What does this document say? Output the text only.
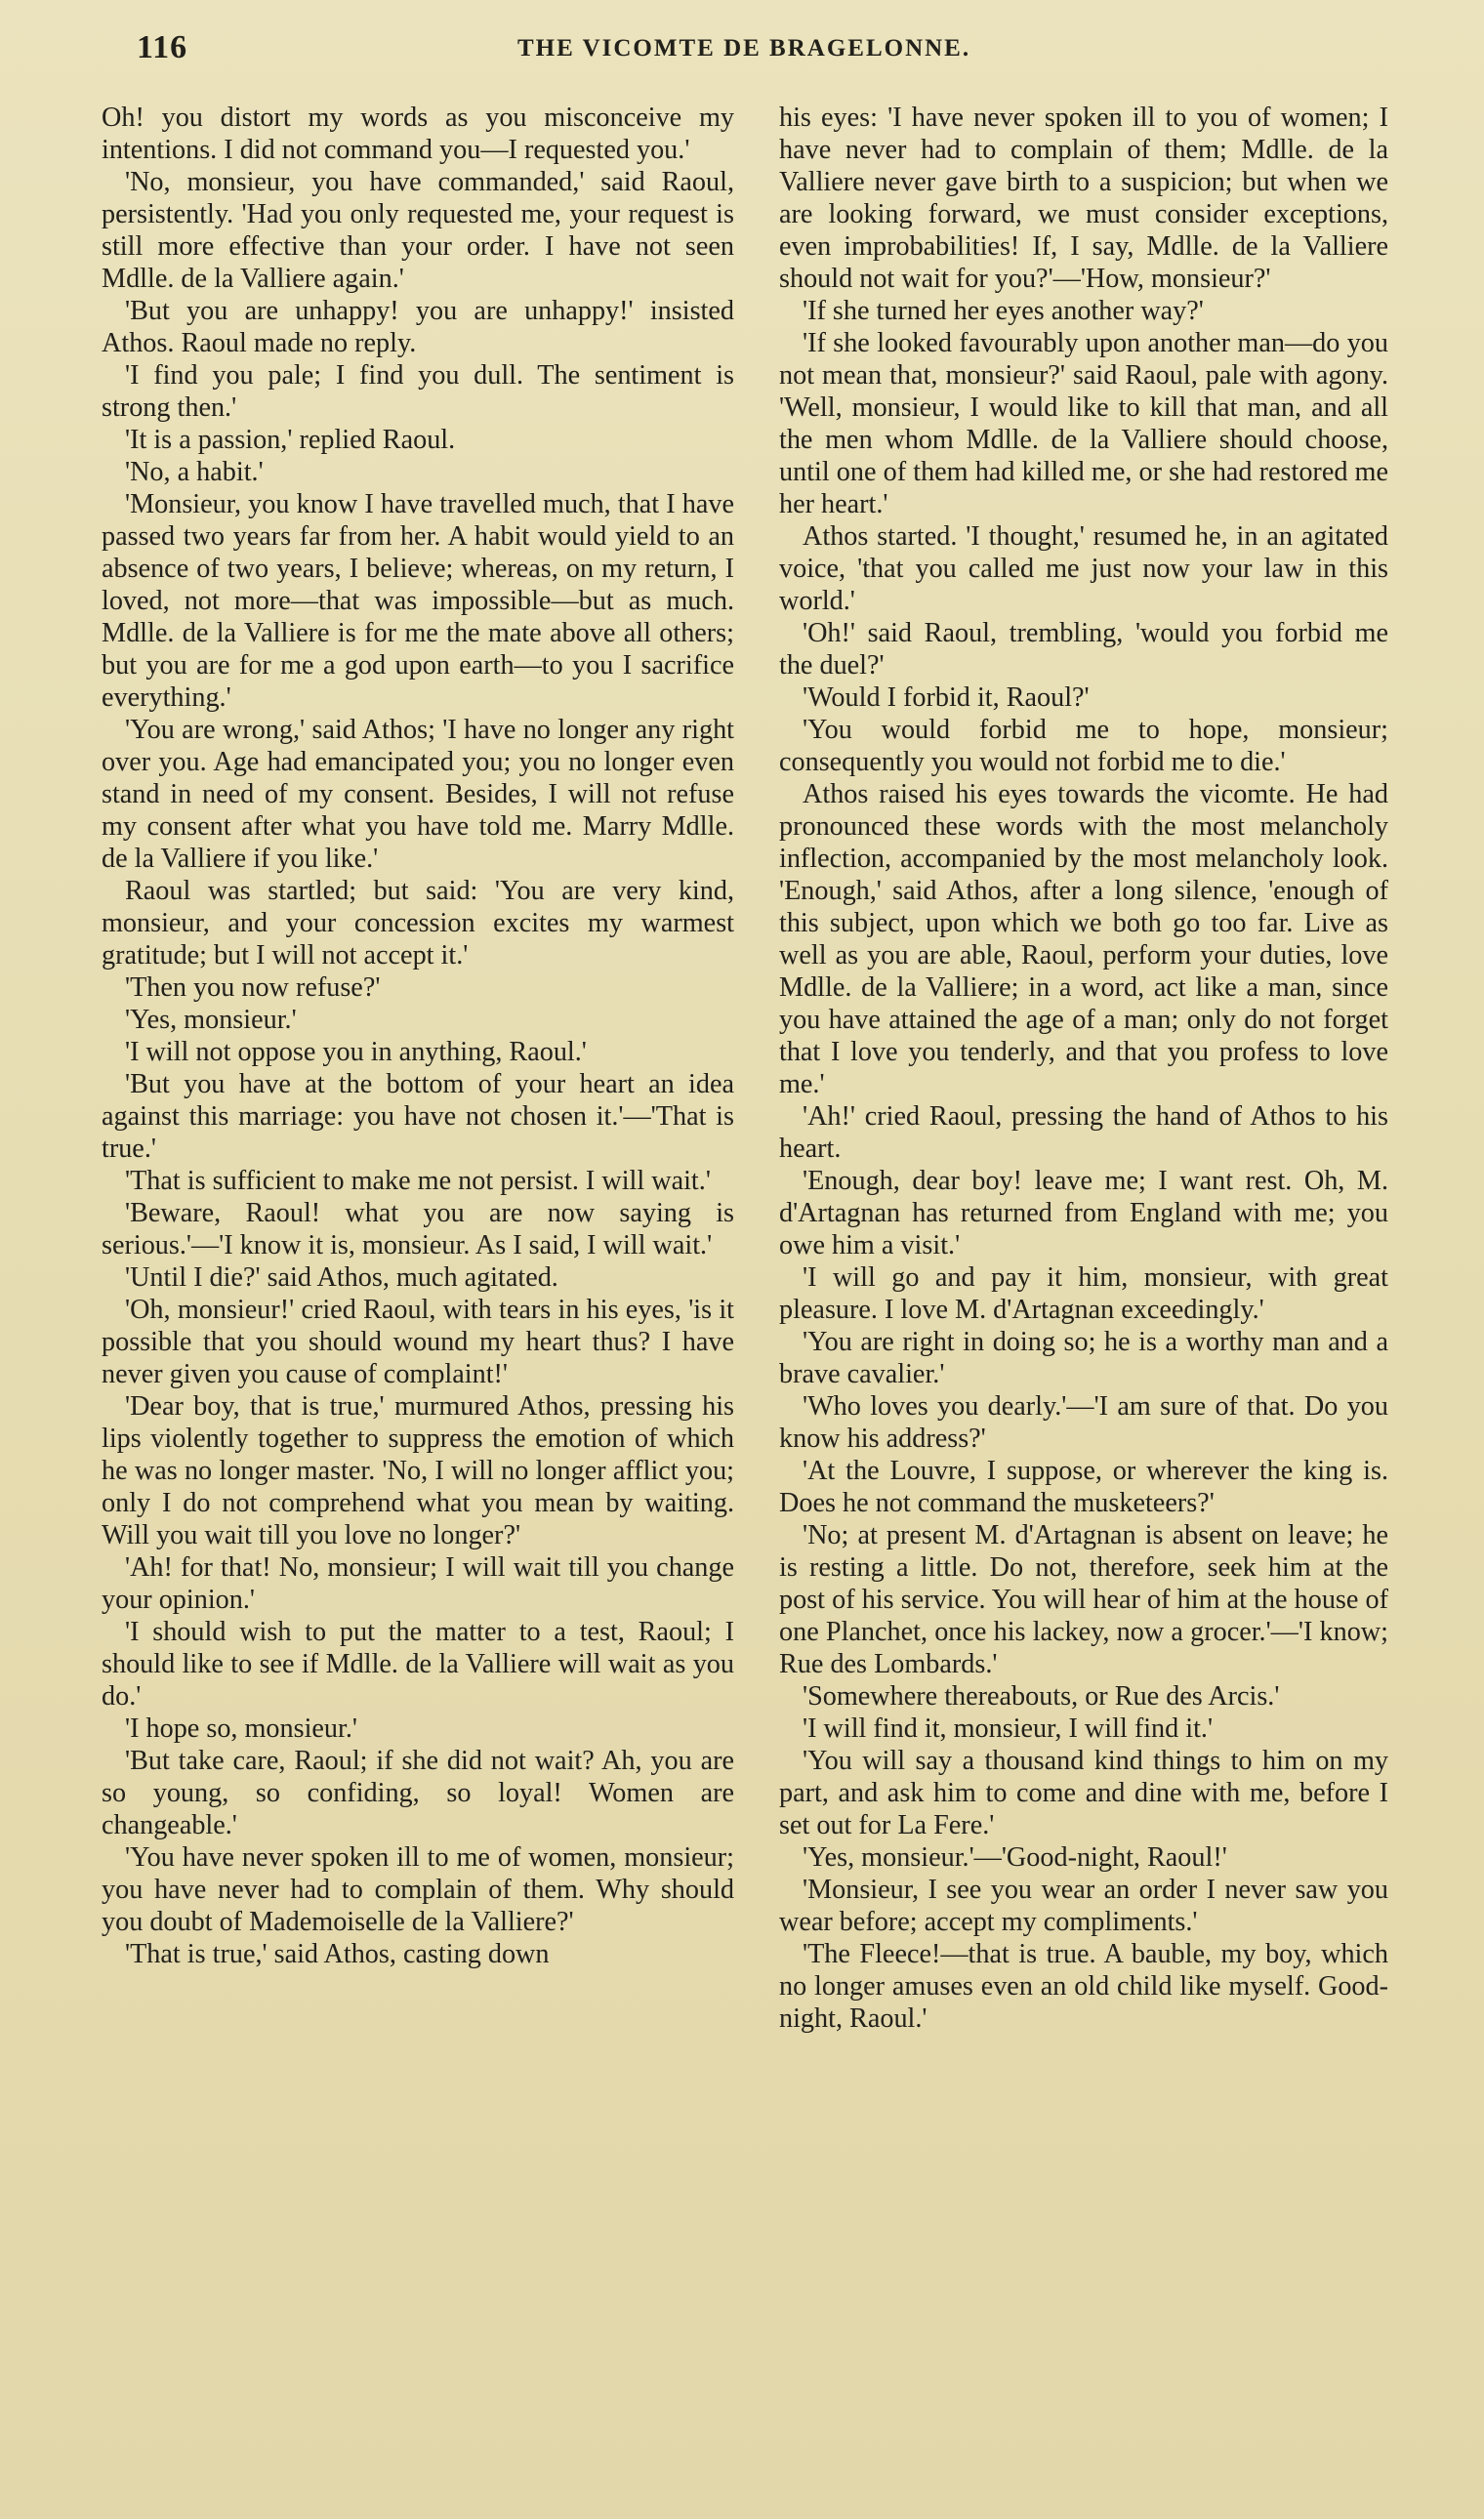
116	THE VICOMTE DE BRAGELONNE.

Oh! you distort my words as you misconceive my intentions. I did not command you—I requested you.'

'No, monsieur, you have commanded,' said Raoul, persistently. 'Had you only requested me, your request is still more effective than your order. I have not seen Mdlle. de la Valliere again.'

'But you are unhappy! you are unhappy!' insisted Athos. Raoul made no reply.

'I find you pale; I find you dull. The sentiment is strong then.'

'It is a passion,' replied Raoul.

'No, a habit.'

'Monsieur, you know I have travelled much, that I have passed two years far from her. A habit would yield to an absence of two years, I believe; whereas, on my return, I loved, not more—that was impossible—but as much. Mdlle. de la Valliere is for me the mate above all others; but you are for me a god upon earth—to you I sacrifice everything.'

'You are wrong,' said Athos; 'I have no longer any right over you. Age had emancipated you; you no longer even stand in need of my consent. Besides, I will not refuse my consent after what you have told me. Marry Mdlle. de la Valliere if you like.'

Raoul was startled; but said: 'You are very kind, monsieur, and your concession excites my warmest gratitude; but I will not accept it.'

'Then you now refuse?'

'Yes, monsieur.'

'I will not oppose you in anything, Raoul.'

'But you have at the bottom of your heart an idea against this marriage: you have not chosen it.'—'That is true.'

'That is sufficient to make me not persist. I will wait.'

'Beware, Raoul! what you are now saying is serious.'—'I know it is, monsieur. As I said, I will wait.'

'Until I die?' said Athos, much agitated.

'Oh, monsieur!' cried Raoul, with tears in his eyes, 'is it possible that you should wound my heart thus? I have never given you cause of complaint!'

'Dear boy, that is true,' murmured Athos, pressing his lips violently together to suppress the emotion of which he was no longer master. 'No, I will no longer afflict you; only I do not comprehend what you mean by waiting. Will you wait till you love no longer?'

'Ah! for that! No, monsieur; I will wait till you change your opinion.'

'I should wish to put the matter to a test, Raoul; I should like to see if Mdlle. de la Valliere will wait as you do.'

'I hope so, monsieur.'

'But take care, Raoul; if she did not wait? Ah, you are so young, so confiding, so loyal! Women are changeable.'

'You have never spoken ill to me of women, monsieur; you have never had to complain of them. Why should you doubt of Mademoiselle de la Valliere?'

'That is true,' said Athos, casting down

his eyes: 'I have never spoken ill to you of women; I have never had to complain of them; Mdlle. de la Valliere never gave birth to a suspicion; but when we are looking forward, we must consider exceptions, even improbabilities! If, I say, Mdlle. de la Valliere should not wait for you?'—'How, monsieur?'

'If she turned her eyes another way?'

'If she looked favourably upon another man—do you not mean that, monsieur?' said Raoul, pale with agony. 'Well, monsieur, I would like to kill that man, and all the men whom Mdlle. de la Valliere should choose, until one of them had killed me, or she had restored me her heart.'

Athos started. 'I thought,' resumed he, in an agitated voice, 'that you called me just now your law in this world.'

'Oh!' said Raoul, trembling, 'would you forbid me the duel?'

'Would I forbid it, Raoul?'

'You would forbid me to hope, monsieur; consequently you would not forbid me to die.'

Athos raised his eyes towards the vicomte. He had pronounced these words with the most melancholy inflection, accompanied by the most melancholy look. 'Enough,' said Athos, after a long silence, 'enough of this subject, upon which we both go too far. Live as well as you are able, Raoul, perform your duties, love Mdlle. de la Valliere; in a word, act like a man, since you have attained the age of a man; only do not forget that I love you tenderly, and that you profess to love me.'

'Ah!' cried Raoul, pressing the hand of Athos to his heart.

'Enough, dear boy! leave me; I want rest. Oh, M. d'Artagnan has returned from England with me; you owe him a visit.'

'I will go and pay it him, monsieur, with great pleasure. I love M. d'Artagnan exceedingly.'

'You are right in doing so; he is a worthy man and a brave cavalier.'

'Who loves you dearly.'—'I am sure of that. Do you know his address?'

'At the Louvre, I suppose, or wherever the king is. Does he not command the musketeers?'

'No; at present M. d'Artagnan is absent on leave; he is resting a little. Do not, therefore, seek him at the post of his service. You will hear of him at the house of one Planchet, once his lackey, now a grocer.'—'I know; Rue des Lombards.'

'Somewhere thereabouts, or Rue des Arcis.'

'I will find it, monsieur, I will find it.'

'You will say a thousand kind things to him on my part, and ask him to come and dine with me, before I set out for La Fere.'

'Yes, monsieur.'—'Good-night, Raoul!'

'Monsieur, I see you wear an order I never saw you wear before; accept my compliments.'

'The Fleece!—that is true. A bauble, my boy, which no longer amuses even an old child like myself. Good-night, Raoul.'
